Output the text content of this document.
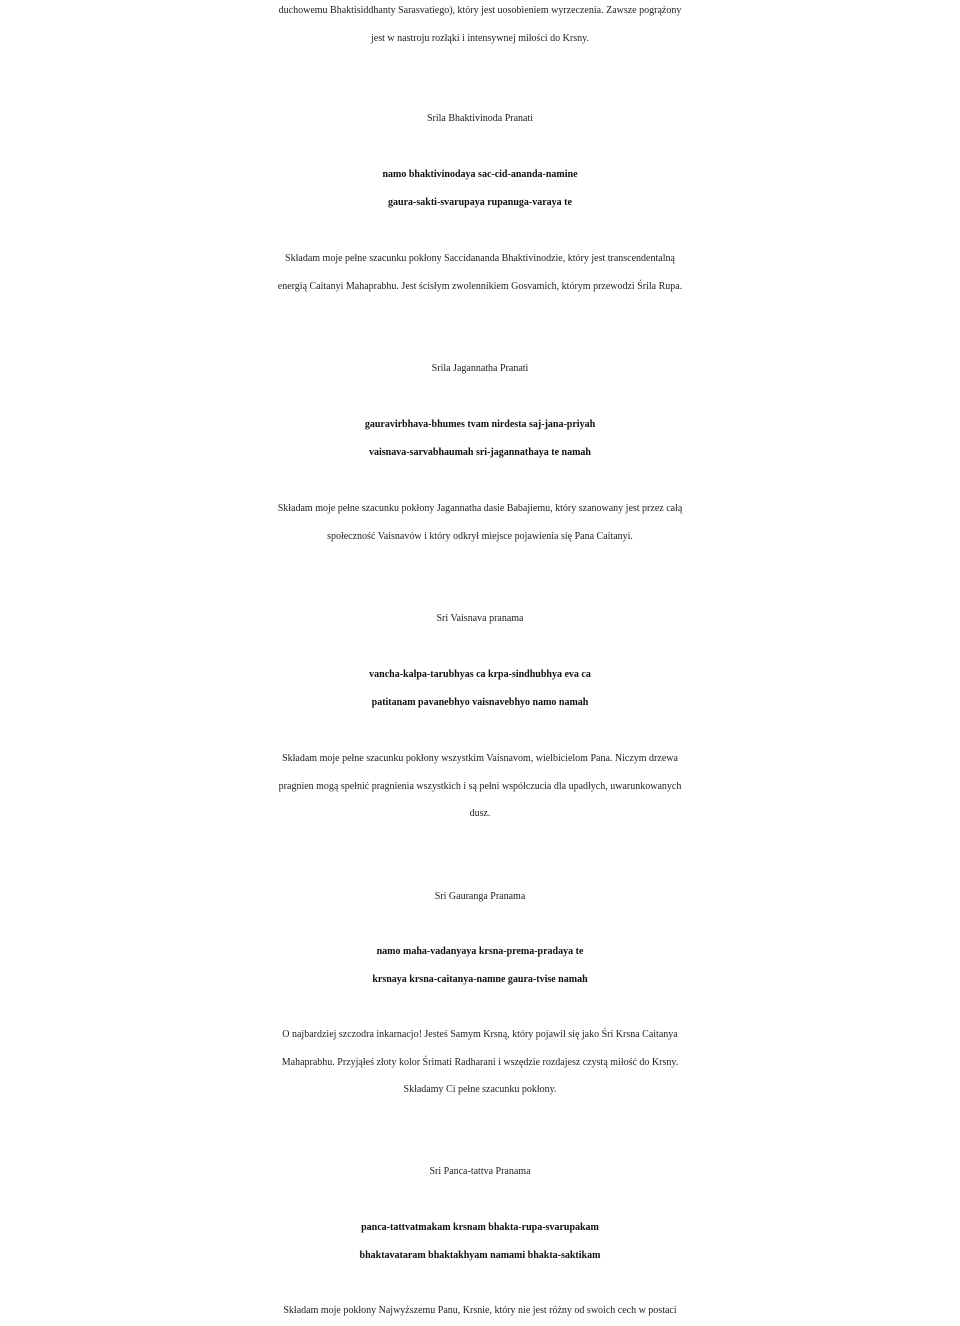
duchowemu Bhaktisiddhanty Sarasvatiego), który jest uosobieniem wyrzeczenia. Zawsze pogrążony
jest w nastroju rozłąki i intensywnej miłości do Krsny.
Srila Bhaktivinoda Pranati
namo bhaktivinodaya sac-cid-ananda-namine
gaura-sakti-svarupaya rupanuga-varaya te
Składam moje pełne szacunku pokłony Saccidananda Bhaktivinodzie, który jest transcendentalną
energią Caitanyi Mahaprabhu. Jest ścisłym zwolennikiem Gosvamich, którym przewodzi Śrila Rupa.
Srila Jagannatha Pranati
gauravirbhava-bhumes tvam nirdesta saj-jana-priyah
vaisnava-sarvabhaumah sri-jagannathaya te namah
Składam moje pełne szacunku pokłony Jagannatha dasie Babajiemu, który szanowany jest przez całą
społeczność Vaisnavów i który odkrył miejsce pojawienia się Pana Caitanyi.
Sri Vaisnava pranama
vancha-kalpa-tarubhyas ca krpa-sindhubhya eva ca
patitanam pavanebhyo vaisnavebhyo namo namah
Składam moje pełne szacunku pokłony wszystkim Vaisnavom, wielbicielom Pana. Niczym drzewa
pragnien mogą spełnić pragnienia wszystkich i są pełni współczucia dla upadłych, uwarunkowanych
dusz.
Sri Gauranga Pranama
namo maha-vadanyaya krsna-prema-pradaya te
krsnaya krsna-caitanya-namne gaura-tvise namah
O najbardziej szczodra inkarnacjo! Jesteś Samym Krsną, który pojawił się jako Śri Krsna Caitanya
Mahaprabhu. Przyjąłeś złoty kolor Śrimati Radharani i wszędzie rozdajesz czystą miłość do Krsny.
Składamy Ci pełne szacunku pokłony.
Sri Panca-tattva Pranama
panca-tattvatmakam krsnam bhakta-rupa-svarupakam
bhaktavataram bhaktakhyam namami bhakta-saktikam
Składam moje pokłony Najwyższemu Panu, Krsnie, który nie jest różny od swoich cech w postaci
